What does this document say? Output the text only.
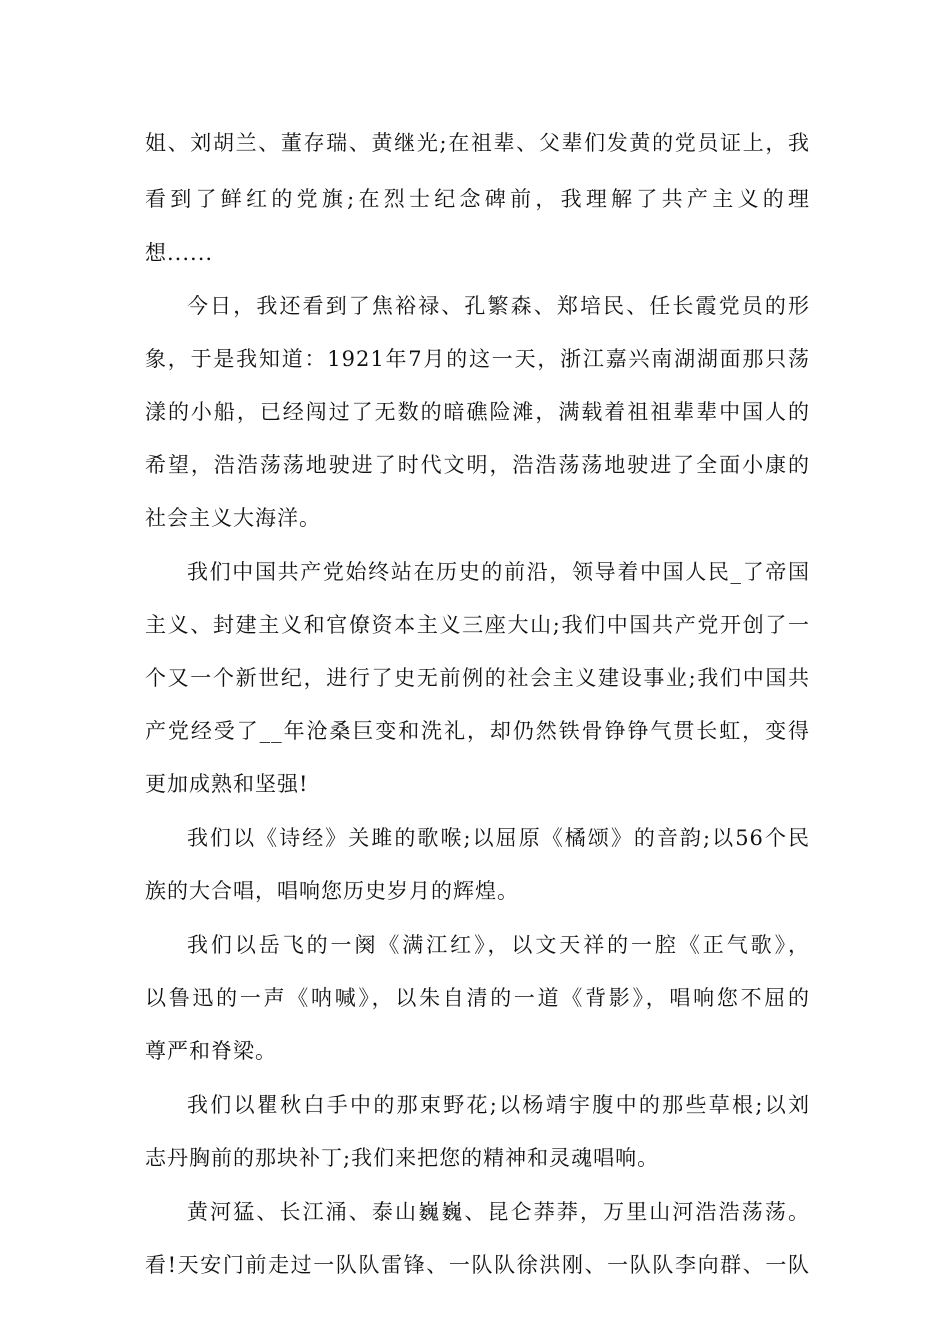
姐、刘胡兰、董存瑞、黄继光;在祖辈、父辈们发黄的党员证上，我
看到了鲜红的党旗;在烈士纪念碑前，我理解了共产主义的理
想......
今日，我还看到了焦裕禄、孔繁森、郑培民、任长霞党员的形
象，于是我知道：1921年7月的这一天，浙江嘉兴南湖湖面那只荡
漾的小船，已经闯过了无数的暗礁险滩，满载着祖祖辈辈中国人的
希望，浩浩荡荡地驶进了时代文明，浩浩荡荡地驶进了全面小康的
社会主义大海洋。
我们中国共产党始终站在历史的前沿，领导着中国人民_了帝国
主义、封建主义和官僚资本主义三座大山;我们中国共产党开创了一
个又一个新世纪，进行了史无前例的社会主义建设事业;我们中国共
产党经受了__年沧桑巨变和洗礼，却仍然铁骨铮铮气贯长虹，变得
更加成熟和坚强!
我们以《诗经》关雎的歌喉;以屈原《橘颂》的音韵;以56个民
族的大合唱，唱响您历史岁月的辉煌。
我们以岳飞的一阕《满江红》，以文天祥的一腔《正气歌》，
以鲁迅的一声《呐喊》，以朱自清的一道《背影》，唱响您不屈的
尊严和脊梁。
我们以瞿秋白手中的那束野花;以杨靖宇腹中的那些草根;以刘
志丹胸前的那块补丁;我们来把您的精神和灵魂唱响。
黄河猛、长江涌、泰山巍巍、昆仑莽莽，万里山河浩浩荡荡。
看!天安门前走过一队队雷锋、一队队徐洪刚、一队队李向群、一队
